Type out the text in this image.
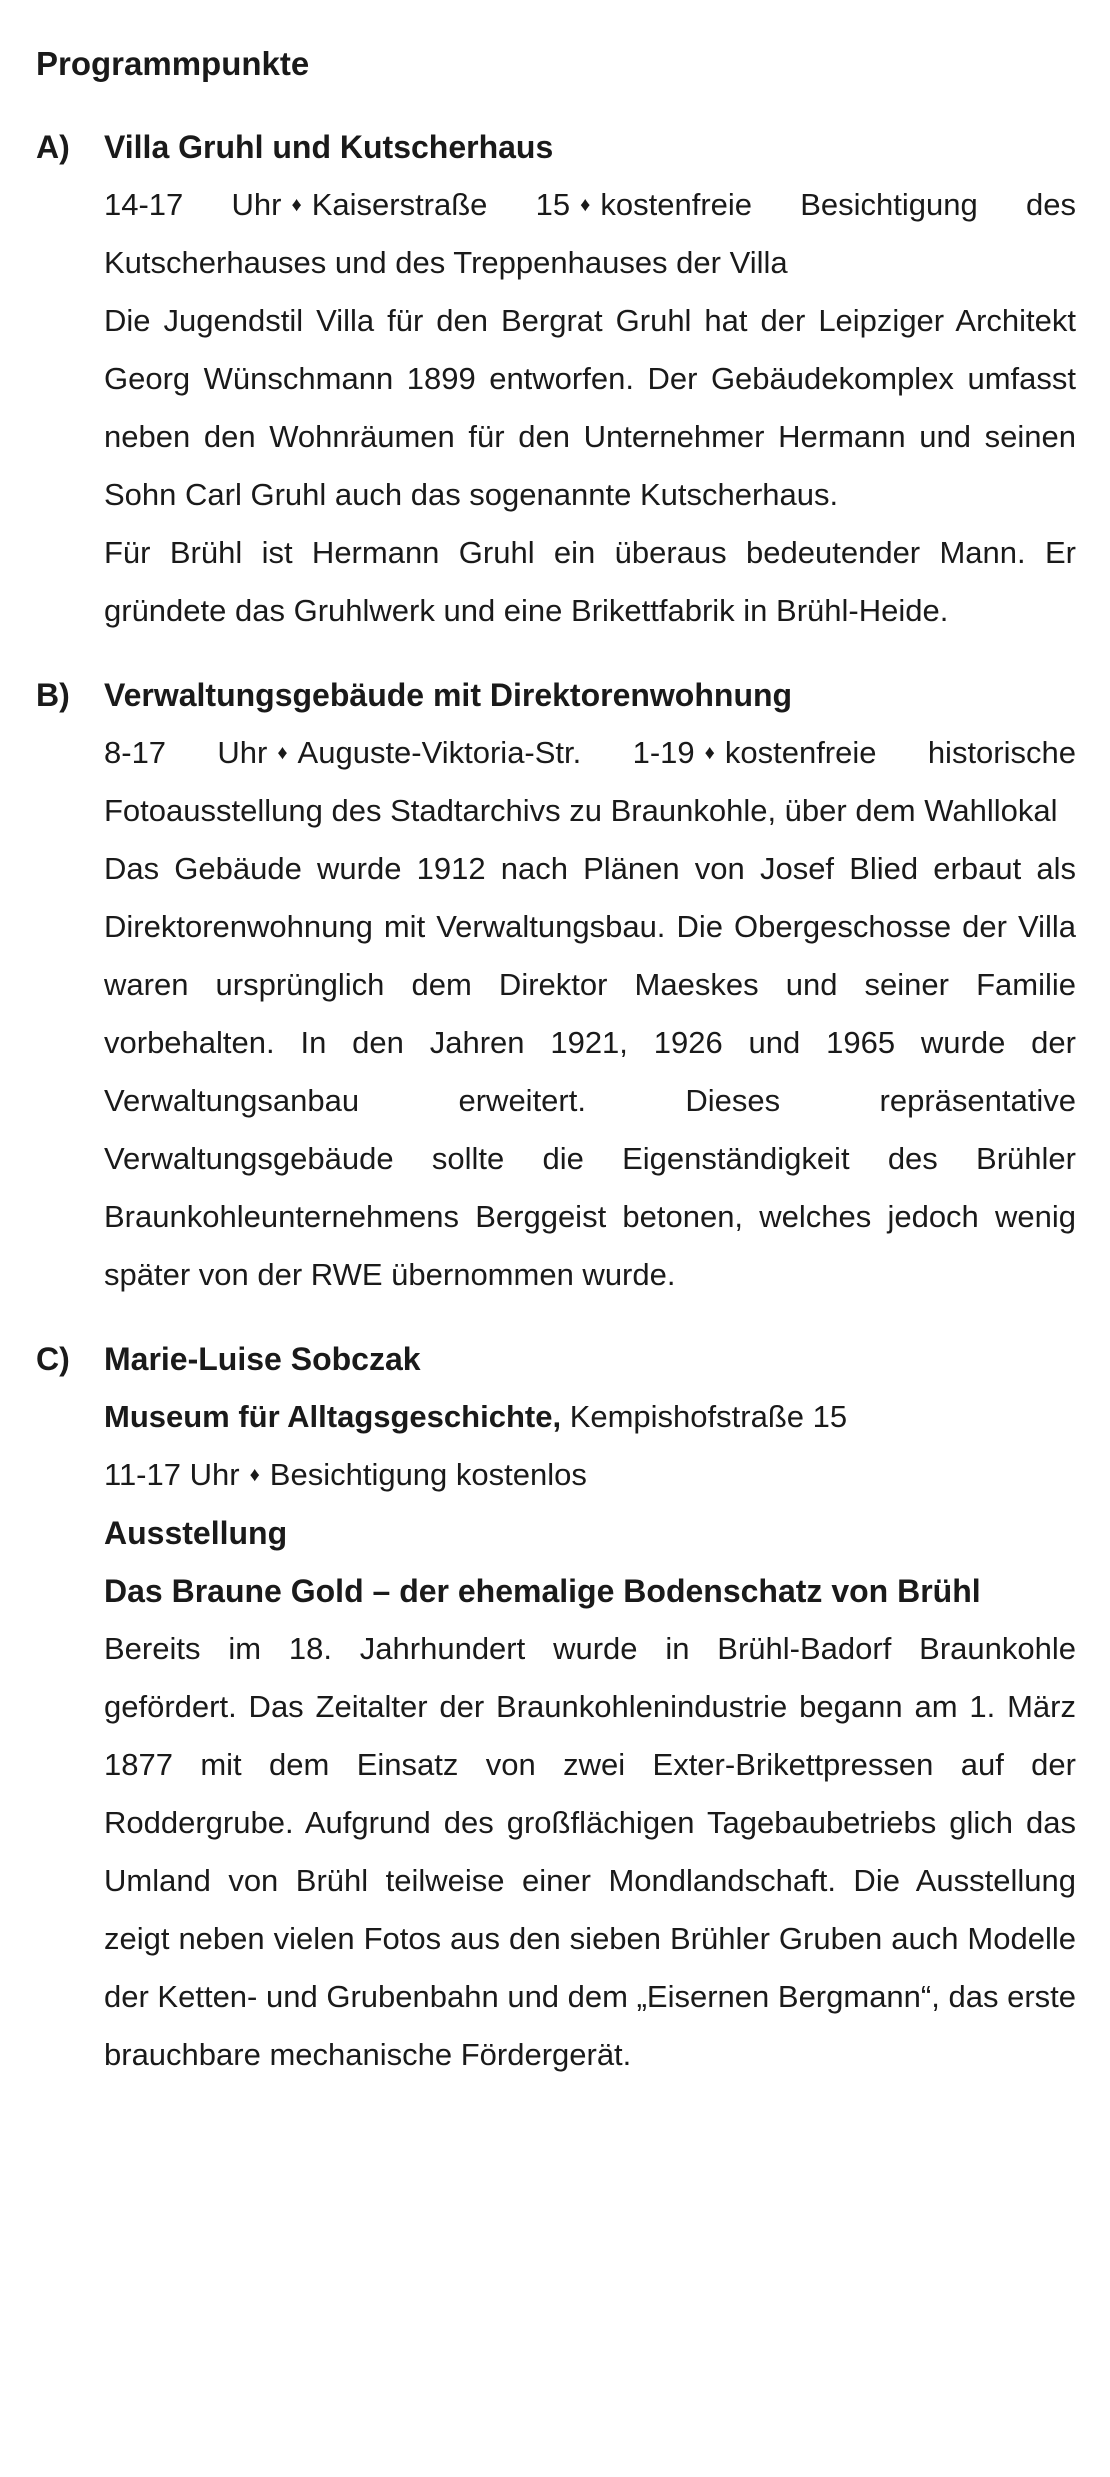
Programmpunkte
A) Villa Gruhl und Kutscherhaus

14-17 Uhr ♦ Kaiserstraße 15 ♦ kostenfreie Besichtigung des Kutscherhauses und des Treppenhauses der Villa

Die Jugendstil Villa für den Bergrat Gruhl hat der Leipziger Architekt Georg Wünschmann 1899 entworfen. Der Gebäudekomplex umfasst neben den Wohnräumen für den Unternehmer Hermann und seinen Sohn Carl Gruhl auch das sogenannte Kutscherhaus.

Für Brühl ist Hermann Gruhl ein überaus bedeutender Mann. Er gründete das Gruhlwerk und eine Brikettfabrik in Brühl-Heide.

B) Verwaltungsgebäude mit Direktorenwohnung

8-17 Uhr ♦ Auguste-Viktoria-Str. 1-19 ♦ kostenfreie historische Fotoausstellung des Stadtarchivs zu Braunkohle, über dem Wahllokal

Das Gebäude wurde 1912 nach Plänen von Josef Blied erbaut als Direktorenwohnung mit Verwaltungsbau. Die Obergeschosse der Villa waren ursprünglich dem Direktor Maeskes und seiner Familie vorbehalten. In den Jahren 1921, 1926 und 1965 wurde der Verwaltungsanbau erweitert. Dieses repräsentative Verwaltungsgebäude sollte die Eigenständigkeit des Brühler Braunkohleunternehmens Berggeist betonen, welches jedoch wenig später von der RWE übernommen wurde.

C) Marie-Luise Sobczak

Museum für Alltagsgeschichte, Kempishofstraße 15

11-17 Uhr ♦ Besichtigung kostenlos

Ausstellung
Das Braune Gold – der ehemalige Bodenschatz von Brühl

Bereits im 18. Jahrhundert wurde in Brühl-Badorf Braunkohle gefördert. Das Zeitalter der Braunkohlenindustrie begann am 1. März 1877 mit dem Einsatz von zwei Exter-Brikettpressen auf der Roddergrube. Aufgrund des großflächigen Tagebaubetriebs glich das Umland von Brühl teilweise einer Mondlandschaft. Die Ausstellung zeigt neben vielen Fotos aus den sieben Brühler Gruben auch Modelle der Ketten- und Grubenbahn und dem „Eisernen Bergmann“, das erste brauchbare mechanische Fördergerät.
